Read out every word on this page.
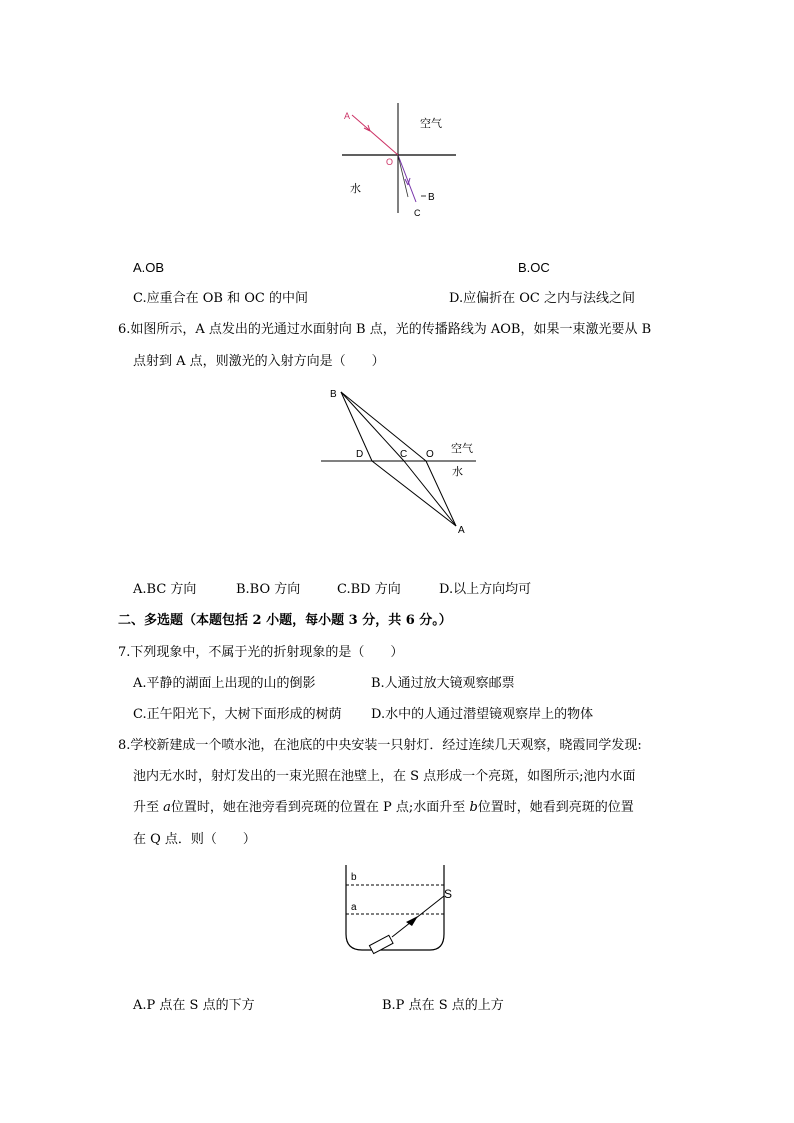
A
空气
O
水
B
C
A.OB	B.OC
C.应重合在 OB 和 OC 的中间	D.应偏折在 OC 之内与法线之间
6.如图所示，A 点发出的光通过水面射向 B 点，光的传播路线为 AOB，如果一束激光要从 B
点射到 A 点，则激光的入射方向是（　　）
B
D	C O 空气
水
A
A.BC 方向	B.BO 方向	C.BD 方向	D.以上方向均可
二、多选题（本题包括 2 小题，每小题 3 分，共 6 分。）
7.下列现象中，不属于光的折射现象的是（　　）
A.平静的湖面上出现的山的倒影	B.人通过放大镜观察邮票
C.正午阳光下，大树下面形成的树荫 D.水中的人通过潜望镜观察岸上的物体
8.学校新建成一个喷水池，在池底的中央安装一只射灯．经过连续几天观察，晓霞同学发现:
池内无水时，射灯发出的一束光照在池壁上，在 S 点形成一个亮斑，如图所示;池内水面
升至 a位置时，她在池旁看到亮斑的位置在 P 点;水面升至 b位置时，她看到亮斑的位置
在 Q 点．则（　　）
b
a
S
A.P 点在 S 点的下方	B.P 点在 S 点的上方
